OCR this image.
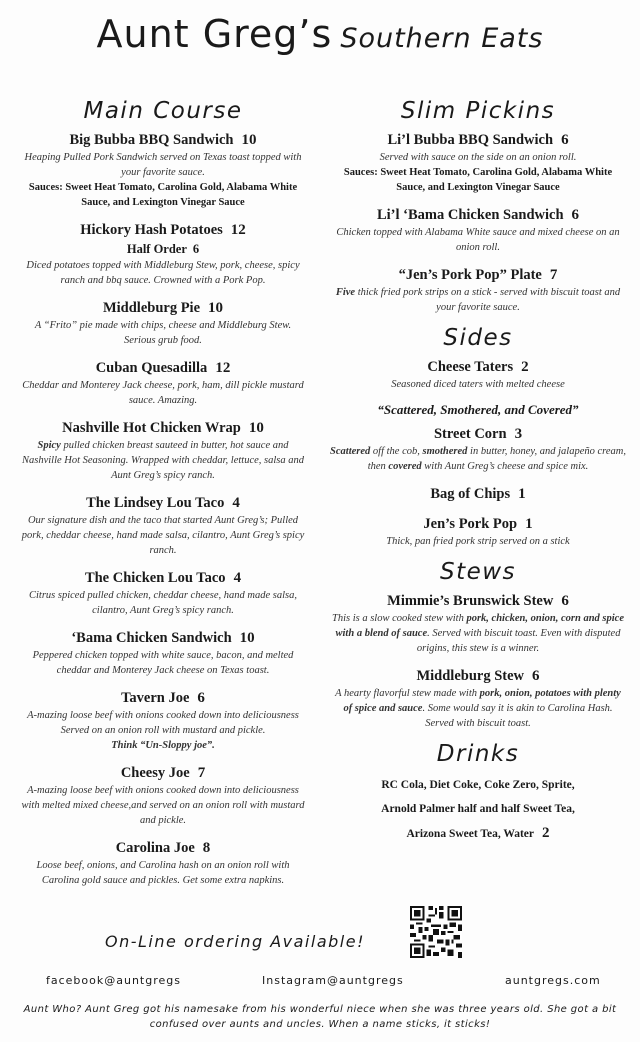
Aunt Greg’s Southern Eats
Main Course
Big Bubba BBQ Sandwich 10
Heaping Pulled Pork Sandwich served on Texas toast topped with your favorite sauce.
Sauces: Sweet Heat Tomato, Carolina Gold, Alabama White Sauce, and Lexington Vinegar Sauce
Hickory Hash Potatoes 12
Half Order 6
Diced potatoes topped with Middleburg Stew, pork, cheese, spicy ranch and bbq sauce. Crowned with a Pork Pop.
Middleburg Pie 10
A “Frito” pie made with chips, cheese and Middleburg Stew. Serious grub food.
Cuban Quesadilla 12
Cheddar and Monterey Jack cheese, pork, ham, dill pickle mustard sauce. Amazing.
Nashville Hot Chicken Wrap 10
Spicy pulled chicken breast sauteed in butter, hot sauce and Nashville Hot Seasoning. Wrapped with cheddar, lettuce, salsa and Aunt Greg’s spicy ranch.
The Lindsey Lou Taco 4
Our signature dish and the taco that started Aunt Greg’s; Pulled pork, cheddar cheese, hand made salsa, cilantro, Aunt Greg’s spicy ranch.
The Chicken Lou Taco 4
Citrus spiced pulled chicken, cheddar cheese, hand made salsa, cilantro, Aunt Greg’s spicy ranch.
‘Bama Chicken Sandwich 10
Peppered chicken topped with white sauce, bacon, and melted cheddar and Monterey Jack cheese on Texas toast.
Tavern Joe 6
A-mazing loose beef with onions cooked down into deliciousness Served on an onion roll with mustard and pickle.
Think “Un-Sloppy joe”.
Cheesy Joe 7
A-mazing loose beef with onions cooked down into deliciousness with melted mixed cheese,and served on an onion roll with mustard and pickle.
Carolina Joe 8
Loose beef, onions, and Carolina hash on an onion roll with Carolina gold sauce and pickles. Get some extra napkins.
Slim Pickins
Li’l Bubba BBQ Sandwich 6
Served with sauce on the side on an onion roll.
Sauces: Sweet Heat Tomato, Carolina Gold, Alabama White Sauce, and Lexington Vinegar Sauce
Li’l ‘Bama Chicken Sandwich 6
Chicken topped with Alabama White sauce and mixed cheese on an onion roll.
“Jen’s Pork Pop” Plate 7
Five thick fried pork strips on a stick - served with biscuit toast and your favorite sauce.
Sides
Cheese Taters 2
Seasoned diced taters with melted cheese
“Scattered, Smothered, and Covered”
Street Corn 3
Scattered off the cob, smothered in butter, honey, and jalapeño cream, then covered with Aunt Greg’s cheese and spice mix.
Bag of Chips 1
Jen’s Pork Pop 1
Thick, pan fried pork strip served on a stick
Stews
Mimmie’s Brunswick Stew 6
This is a slow cooked stew with pork, chicken, onion, corn and spice with a blend of sauce. Served with biscuit toast. Even with disputed origins, this stew is a winner.
Middleburg Stew 6
A hearty flavorful stew made with pork, onion, potatoes with plenty of spice and sauce. Some would say it is akin to Carolina Hash. Served with biscuit toast.
Drinks
RC Cola, Diet Coke, Coke Zero, Sprite,
Arnold Palmer half and half Sweet Tea,
Arizona Sweet Tea, Water 2
On-Line ordering Available!
facebook@auntgregs	Instagram@auntgregs	auntgregs.com
Aunt Who? Aunt Greg got his namesake from his wonderful niece when she was three years old. She got a bit confused over aunts and uncles. When a name sticks, it sticks!
